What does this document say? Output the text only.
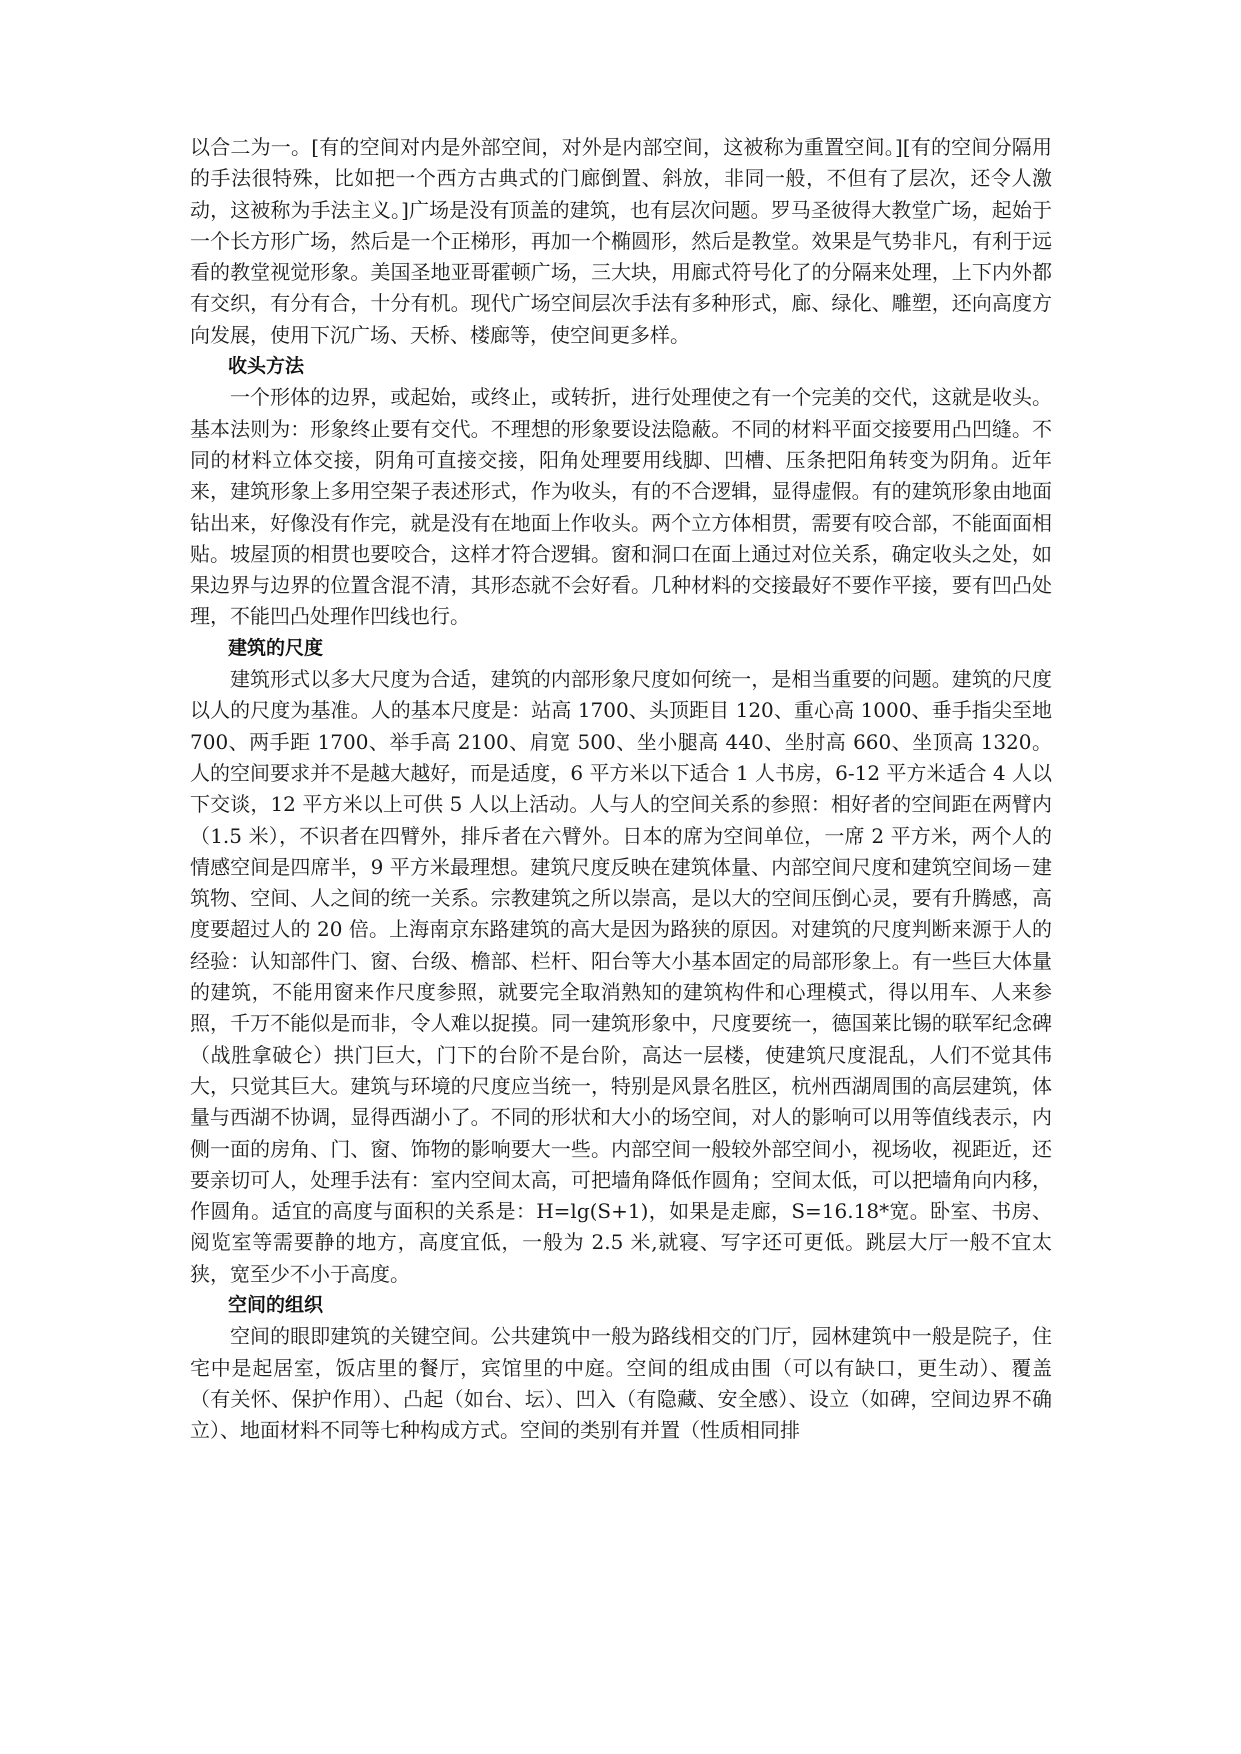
以合二为一。[有的空间对内是外部空间，对外是内部空间，这被称为重置空间。][有的空间分隔用的手法很特殊，比如把一个西方古典式的门廊倒置、斜放，非同一般，不但有了层次，还令人激动，这被称为手法主义。]广场是没有顶盖的建筑，也有层次问题。罗马圣彼得大教堂广场，起始于一个长方形广场，然后是一个正梯形，再加一个椭圆形，然后是教堂。效果是气势非凡，有利于远看的教堂视觉形象。美国圣地亚哥霍顿广场，三大块，用廊式符号化了的分隔来处理，上下内外都有交织，有分有合，十分有机。现代广场空间层次手法有多种形式，廊、绿化、雕塑，还向高度方向发展，使用下沉广场、天桥、楼廊等，使空间更多样。

收头方法

一个形体的边界，或起始，或终止，或转折，进行处理使之有一个完美的交代，这就是收头。基本法则为：形象终止要有交代。不理想的形象要设法隐蔽。不同的材料平面交接要用凸凹缝。不同的材料立体交接，阴角可直接交接，阳角处理要用线脚、凹槽、压条把阳角转变为阴角。近年来，建筑形象上多用空架子表述形式，作为收头，有的不合逻辑，显得虚假。有的建筑形象由地面钻出来，好像没有作完，就是没有在地面上作收头。两个立方体相贯，需要有咬合部，不能面面相贴。坡屋顶的相贯也要咬合，这样才符合逻辑。窗和洞口在面上通过对位关系，确定收头之处，如果边界与边界的位置含混不清，其形态就不会好看。几种材料的交接最好不要作平接，要有凹凸处理，不能凹凸处理作凹线也行。

建筑的尺度

建筑形式以多大尺度为合适，建筑的内部形象尺度如何统一，是相当重要的问题。建筑的尺度以人的尺度为基准。人的基本尺度是：站高 1700、头顶距目 120、重心高 1000、垂手指尖至地 700、两手距 1700、举手高 2100、肩宽 500、坐小腿高 440、坐肘高 660、坐顶高 1320。人的空间要求并不是越大越好，而是适度，6 平方米以下适合 1 人书房，6-12 平方米适合 4 人以下交谈，12 平方米以上可供 5 人以上活动。人与人的空间关系的参照：相好者的空间距在两臂内（1.5 米），不识者在四臂外，排斥者在六臂外。日本的席为空间单位，一席 2 平方米，两个人的情感空间是四席半，9 平方米最理想。建筑尺度反映在建筑体量、内部空间尺度和建筑空间场－建筑物、空间、人之间的统一关系。宗教建筑之所以崇高，是以大的空间压倒心灵，要有升腾感，高度要超过人的 20 倍。上海南京东路建筑的高大是因为路狭的原因。对建筑的尺度判断来源于人的经验：认知部件门、窗、台级、檐部、栏杆、阳台等大小基本固定的局部形象上。有一些巨大体量的建筑，不能用窗来作尺度参照，就要完全取消熟知的建筑构件和心理模式，得以用车、人来参照，千万不能似是而非，令人难以捉摸。同一建筑形象中，尺度要统一，德国莱比锡的联军纪念碑（战胜拿破仑）拱门巨大，门下的台阶不是台阶，高达一层楼，使建筑尺度混乱，人们不觉其伟大，只觉其巨大。建筑与环境的尺度应当统一，特别是风景名胜区，杭州西湖周围的高层建筑，体量与西湖不协调，显得西湖小了。不同的形状和大小的场空间，对人的影响可以用等值线表示，内侧一面的房角、门、窗、饰物的影响要大一些。内部空间一般较外部空间小，视场收，视距近，还要亲切可人，处理手法有：室内空间太高，可把墙角降低作圆角；空间太低，可以把墙角向内移，作圆角。适宜的高度与面积的关系是：H=lg(S+1)，如果是走廊，S=16.18*宽。卧室、书房、阅览室等需要静的地方，高度宜低，一般为 2.5 米,就寝、写字还可更低。跳层大厅一般不宜太狭，宽至少不小于高度。

空间的组织

空间的眼即建筑的关键空间。公共建筑中一般为路线相交的门厅，园林建筑中一般是院子，住宅中是起居室，饭店里的餐厅，宾馆里的中庭。空间的组成由围（可以有缺口，更生动）、覆盖（有关怀、保护作用）、凸起（如台、坛）、凹入（有隐藏、安全感）、设立（如碑，空间边界不确立）、地面材料不同等七种构成方式。空间的类别有并置（性质相同排
